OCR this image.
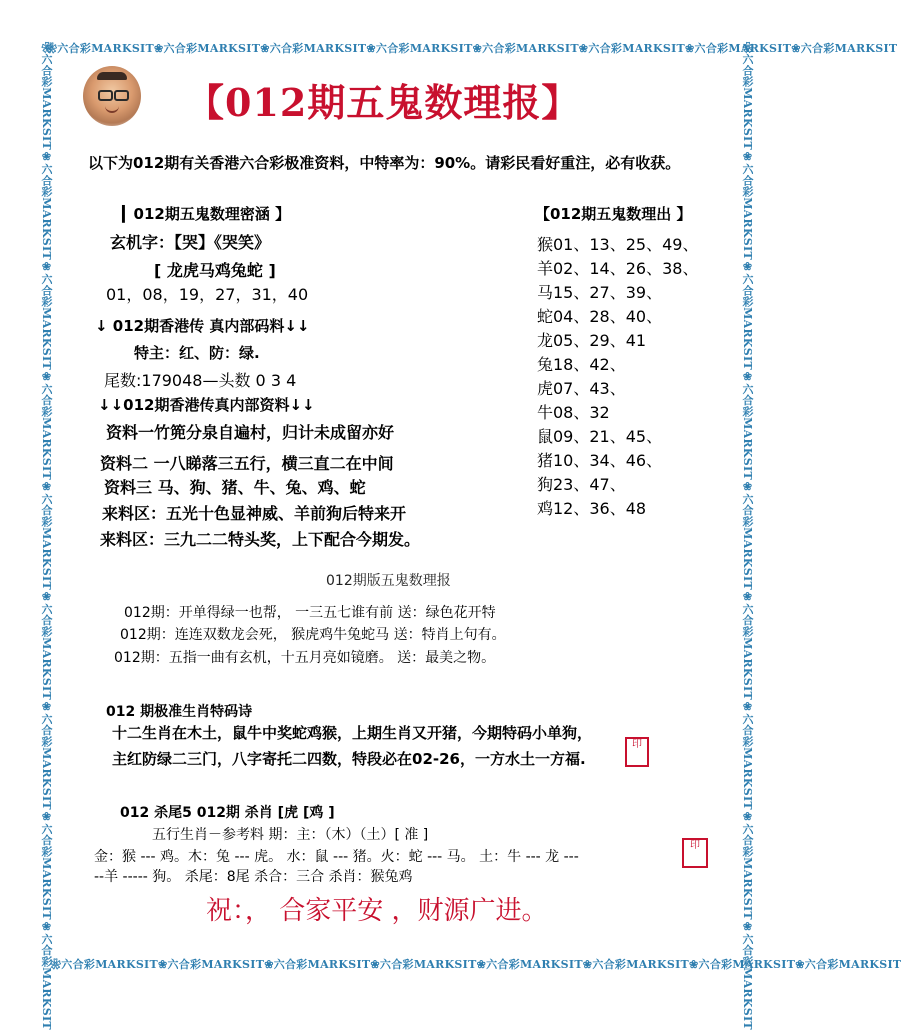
❀六合彩MARKSIT❀六合彩MARKSIT❀六合彩MARKSIT❀六合彩MARKSIT❀六合彩MARKSIT❀六合彩MARKSIT❀六合彩MARKSIT❀六合彩MARKSIT
❀六合彩MARKSIT❀六合彩MARKSIT❀六合彩MARKSIT❀六合彩MARKSIT❀六合彩MARKSIT❀六合彩MARKSIT❀六合彩MARKSIT❀六合彩MARKSIT
❀六合彩MARKSIT❀六合彩MARKSIT❀六合彩MARKSIT❀六合彩MARKSIT❀六合彩MARKSIT❀六合彩MARKSIT❀六合彩MARKSIT❀六合彩MARKSIT❀六合彩MARKSIT	❀六合彩MARKSIT❀六合彩MARKSIT❀六合彩MARKSIT❀六合彩MARKSIT❀六合彩MARKSIT❀六合彩MARKSIT❀六合彩MARKSIT❀六合彩MARKSIT❀六合彩MARKSIT
【012期五鬼数理报】
以下为012期有关香港六合彩极准资料，中特率为：90%。请彩民看好重注，必有收获。
▎012期五鬼数理密涵 】
玄机字：【哭】《哭笑》
[ 龙虎马鸡兔蛇 ]
01，08，19，27，31，40
↓ 012期香港传 真内部码料↓↓
特主：红、防：绿.
尾数:179048—头数 0 3 4
↓↓012期香港传真内部资料↓↓
资料一竹篼分泉自遍村，归计未成留亦好
资料二 一八睇落三五行，横三直二在中间
资料三 马、狗、猪、牛、兔、鸡、蛇
来料区：五光十色显神威、羊前狗后特来开
来料区：三九二二特头奖，上下配合今期发。
【012期五鬼数理出 】
猴01、13、25、49、
羊02、14、26、38、
马15、27、39、
蛇04、28、40、
龙05、29、41
兔18、42、
虎07、43、
牛08、32
鼠09、21、45、
猪10、34、46、
狗23、47、
鸡12、36、48
012期版五鬼数理报
012期：开单得绿一也帮， 一三五七谁有前 送：绿色花开特
012期：连连双数龙会死， 猴虎鸡牛兔蛇马 送：特肖上句有。
012期：五指一曲有玄机，十五月亮如镜磨。 送：最美之物。
012 期极准生肖特码诗
十二生肖在木土，鼠牛中奖蛇鸡猴，上期生肖又开猪，今期特码小单狗，
主红防绿二三门，八字寄托二四数，特段必在02-26，一方水土一方福.
印
012 杀尾5 012期 杀肖 [虎 [鸡 ]
五行生肖－参考料 期：主：（木）（土）[ 准 ]
金：猴 --- 鸡。木：兔 --- 虎。 水：鼠 --- 猪。火：蛇 --- 马。 土：牛 --- 龙 ---
--羊 ----- 狗。 杀尾：8尾 杀合：三合 杀肖：猴兔鸡
印
祝：， 合家平安 ，财源广进。
